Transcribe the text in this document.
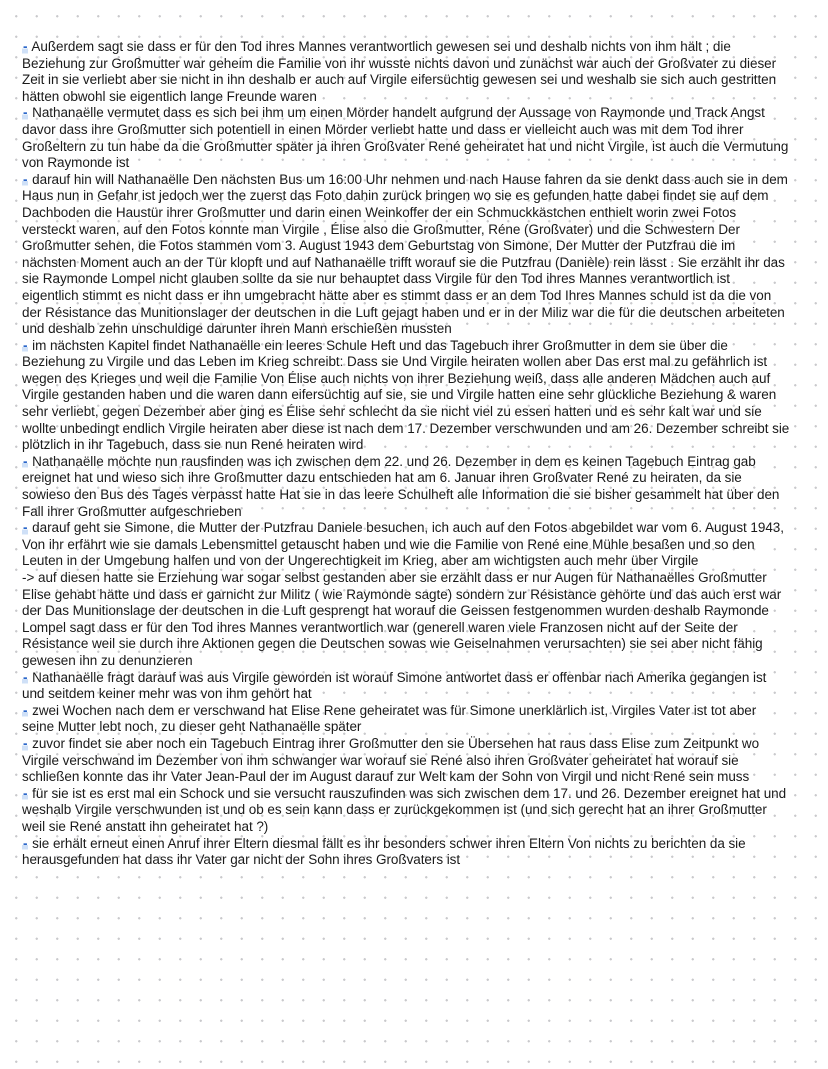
- Außerdem sagt sie dass er für den Tod ihres Mannes verantwortlich gewesen sei und deshalb nichts von ihm hält ; die Beziehung zur Großmutter war geheim die Familie von ihr wusste nichts davon und zunächst war auch der Großvater zu dieser Zeit in sie verliebt aber sie nicht in ihn deshalb er auch auf Virgile eifersüchtig gewesen sei und weshalb sie sich auch gestritten hätten obwohl sie eigentlich lange Freunde waren

- Nathanaëlle vermutet dass es sich bei ihm um einen Mörder handelt aufgrund der Aussage von Raymonde und Track Angst davor dass ihre Großmutter sich potentiell in einen Mörder verliebt hatte und dass er vielleicht auch was mit dem Tod ihrer Großeltern zu tun habe da die Großmutter später ja ihren Großvater René geheiratet hat und nicht Virgile, ist auch die Vermutung von Raymonde ist

- darauf hin will Nathanaëlle Den nächsten Bus um 16:00 Uhr nehmen und nach Hause fahren da sie denkt dass auch sie in dem Haus nun in Gefahr ist jedoch wer the zuerst das Foto dahin zurück bringen wo sie es gefunden hatte dabei findet sie auf dem Dachboden die Haustür ihrer Großmutter und darin einen Weinkoffer der ein Schmuckkästchen enthielt worin zwei Fotos versteckt waren, auf den Fotos konnte man Virgile , Élise also die Großmutter, Réne (Großvater) und die Schwestern Der Großmutter sehen, die Fotos stammen vom 3. August 1943 dem Geburtstag von Simone, Der Mutter der Putzfrau die im nächsten Moment auch an der Tür klopft und auf Nathanaëlle trifft worauf sie die Putzfrau (Danièle) rein lässt . Sie erzählt ihr das sie Raymonde Lompel nicht glauben sollte da sie nur behauptet dass Virgile für den Tod ihres Mannes verantwortlich ist eigentlich stimmt es nicht dass er ihn umgebracht hätte aber es stimmt dass er an dem Tod Ihres Mannes schuld ist da die von der Résistance das Munitionslager der deutschen in die Luft gejagt haben und er in der Miliz war die für die deutschen arbeiteten und deshalb zehn unschuldige darunter ihren Mann erschießen mussten

- im nächsten Kapitel findet Nathanaëlle ein leeres Schule Heft und das Tagebuch ihrer Großmutter in dem sie über die Beziehung zu Virgile und das Leben im Krieg schreibt: Dass sie Und Virgile heiraten wollen aber Das erst mal zu gefährlich ist wegen des Krieges und weil die Familie Von Élise auch nichts von ihrer Beziehung weiß, dass alle anderen Mädchen auch auf Virgile gestanden haben und die waren dann eifersüchtig auf sie, sie und Virgile hatten eine sehr glückliche Beziehung & waren sehr verliebt, gegen Dezember aber ging es Élise sehr schlecht da sie nicht viel zu essen hatten und es sehr kalt war und sie wollte unbedingt endlich Virgile heiraten aber diese ist nach dem 17. Dezember verschwunden und am 26. Dezember schreibt sie plötzlich in ihr Tagebuch, dass sie nun René heiraten wird

- Nathanaëlle möchte nun rausfinden was ich zwischen dem 22. und 26. Dezember in dem es keinen Tagebuch Eintrag gab ereignet hat und wieso sich ihre Großmutter dazu entschieden hat am 6. Januar ihren Großvater René zu heiraten, da sie sowieso den Bus des Tages verpasst hatte Hat sie in das leere Schulheft alle Information die sie bisher gesammelt hat über den Fall ihrer Großmutter aufgeschrieben

- darauf geht sie Simone, die Mutter der Putzfrau Daniele besuchen, ich auch auf den Fotos abgebildet war vom 6. August 1943, Von ihr erfährt wie sie damals Lebensmittel getauscht haben und wie die Familie von René eine Mühle besaßen und so den Leuten in der Umgebung halfen und von der Ungerechtigkeit im Krieg, aber am wichtigsten auch mehr über Virgile

-> auf diesen hatte sie Erziehung war sogar selbst gestanden aber sie erzählt dass er nur Augen für Nathanaëlles Großmutter Elise gehabt hätte und dass er garnicht zur Militz ( wie Raymonde sagte) sondern zur Résistance gehörte und das auch erst war der Das Munitionslage der deutschen in die Luft gesprengt hat worauf die Geissen festgenommen wurden deshalb Raymonde Lompel sagt dass er für den Tod ihres Mannes verantwortlich war (generell waren viele Franzosen nicht auf der Seite der Résistance weil sie durch ihre Aktionen gegen die Deutschen sowas wie Geiselnahmen verursachten) sie sei aber nicht fähig gewesen ihn zu denunzieren

- Nathanaëlle fragt darauf was aus Virgile geworden ist worauf Simone antwortet dass er offenbar nach Amerika gegangen ist und seitdem keiner mehr was von ihm gehört hat

- zwei Wochen nach dem er verschwand hat Elise Rene geheiratet was für Simone unerklärlich ist, Virgiles Vater ist tot aber seine Mutter lebt noch, zu dieser geht Nathanaëlle später

- zuvor findet sie aber noch ein Tagebuch Eintrag ihrer Großmutter den sie Übersehen hat raus dass Elise zum Zeitpunkt wo Virgile verschwand im Dezember von ihm schwanger war worauf sie René also ihren Großvater geheiratet hat worauf sie schließen konnte das ihr Vater Jean-Paul der im August darauf zur Welt kam der Sohn von Virgil und nicht René sein muss

- für sie ist es erst mal ein Schock und sie versucht rauszufinden was sich zwischen dem 17. und 26. Dezember ereignet hat und weshalb Virgile verschwunden ist und ob es sein kann dass er zurückgekommen ist (und sich gerecht hat an ihrer Großmutter weil sie René anstatt ihn geheiratet hat ?)

- sie erhält erneut einen Anruf ihrer Eltern diesmal fällt es ihr besonders schwer ihren Eltern Von nichts zu berichten da sie herausgefunden hat dass ihr Vater gar nicht der Sohn ihres Großvaters ist
